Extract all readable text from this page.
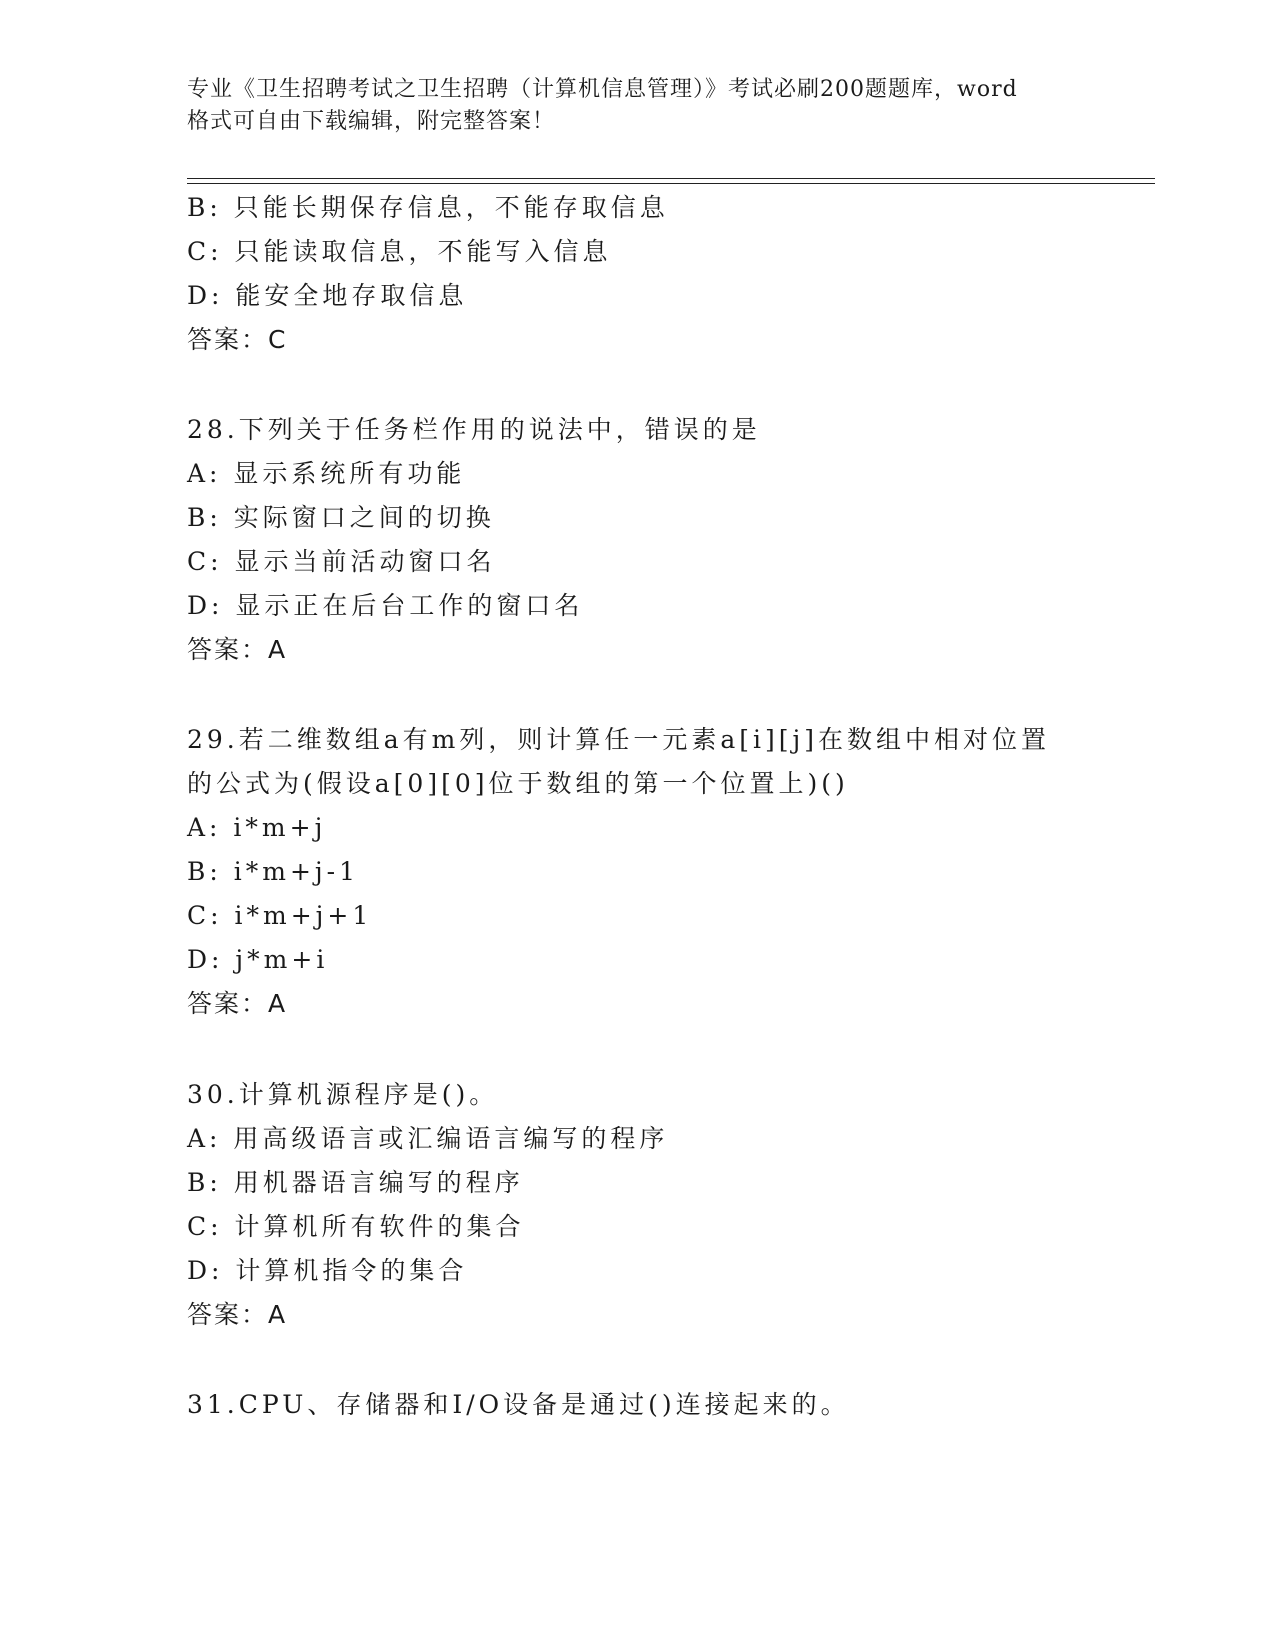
专业《卫生招聘考试之卫生招聘（计算机信息管理）》考试必刷200题题库，word
格式可自由下载编辑，附完整答案！
B: 只能长期保存信息，不能存取信息
C: 只能读取信息，不能写入信息
D: 能安全地存取信息
答案：C
28.下列关于任务栏作用的说法中，错误的是
A: 显示系统所有功能
B: 实际窗口之间的切换
C: 显示当前活动窗口名
D: 显示正在后台工作的窗口名
答案：A
29.若二维数组a有m列，则计算任一元素a[i][j]在数组中相对位置
的公式为(假设a[0][0]位于数组的第一个位置上)()
A: i*m+j
B: i*m+j-1
C: i*m+j+1
D: j*m+i
答案：A
30.计算机源程序是()。
A: 用高级语言或汇编语言编写的程序
B: 用机器语言编写的程序
C: 计算机所有软件的集合
D: 计算机指令的集合
答案：A
31.CPU、存储器和I/O设备是通过()连接起来的。
